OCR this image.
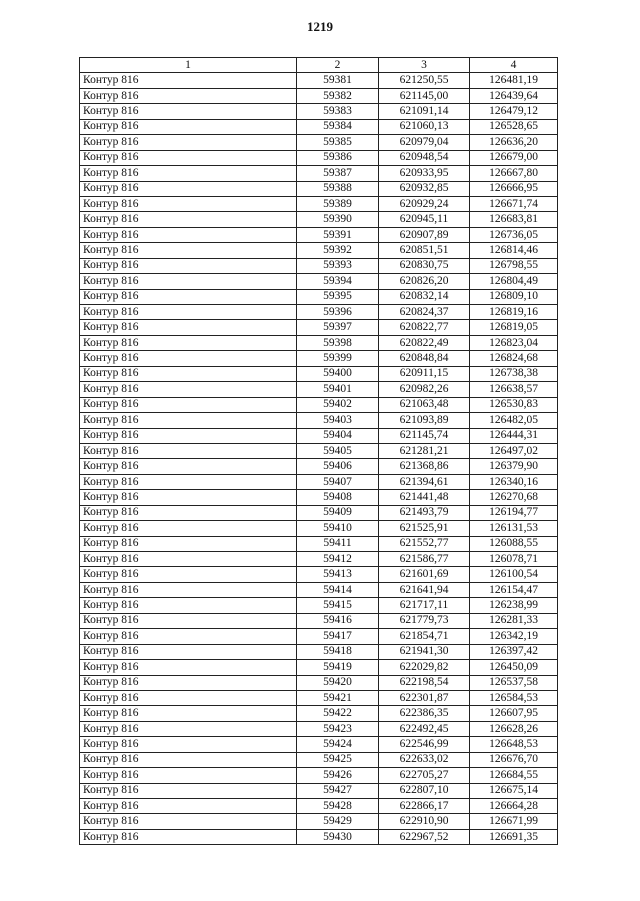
1219
1	2	3	4
Контур 816	59381	621250,55	126481,19
Контур 816	59382	621145,00	126439,64
Контур 816	59383	621091,14	126479,12
Контур 816	59384	621060,13	126528,65
Контур 816	59385	620979,04	126636,20
Контур 816	59386	620948,54	126679,00
Контур 816	59387	620933,95	126667,80
Контур 816	59388	620932,85	126666,95
Контур 816	59389	620929,24	126671,74
Контур 816	59390	620945,11	126683,81
Контур 816	59391	620907,89	126736,05
Контур 816	59392	620851,51	126814,46
Контур 816	59393	620830,75	126798,55
Контур 816	59394	620826,20	126804,49
Контур 816	59395	620832,14	126809,10
Контур 816	59396	620824,37	126819,16
Контур 816	59397	620822,77	126819,05
Контур 816	59398	620822,49	126823,04
Контур 816	59399	620848,84	126824,68
Контур 816	59400	620911,15	126738,38
Контур 816	59401	620982,26	126638,57
Контур 816	59402	621063,48	126530,83
Контур 816	59403	621093,89	126482,05
Контур 816	59404	621145,74	126444,31
Контур 816	59405	621281,21	126497,02
Контур 816	59406	621368,86	126379,90
Контур 816	59407	621394,61	126340,16
Контур 816	59408	621441,48	126270,68
Контур 816	59409	621493,79	126194,77
Контур 816	59410	621525,91	126131,53
Контур 816	59411	621552,77	126088,55
Контур 816	59412	621586,77	126078,71
Контур 816	59413	621601,69	126100,54
Контур 816	59414	621641,94	126154,47
Контур 816	59415	621717,11	126238,99
Контур 816	59416	621779,73	126281,33
Контур 816	59417	621854,71	126342,19
Контур 816	59418	621941,30	126397,42
Контур 816	59419	622029,82	126450,09
Контур 816	59420	622198,54	126537,58
Контур 816	59421	622301,87	126584,53
Контур 816	59422	622386,35	126607,95
Контур 816	59423	622492,45	126628,26
Контур 816	59424	622546,99	126648,53
Контур 816	59425	622633,02	126676,70
Контур 816	59426	622705,27	126684,55
Контур 816	59427	622807,10	126675,14
Контур 816	59428	622866,17	126664,28
Контур 816	59429	622910,90	126671,99
Контур 816	59430	622967,52	126691,35
